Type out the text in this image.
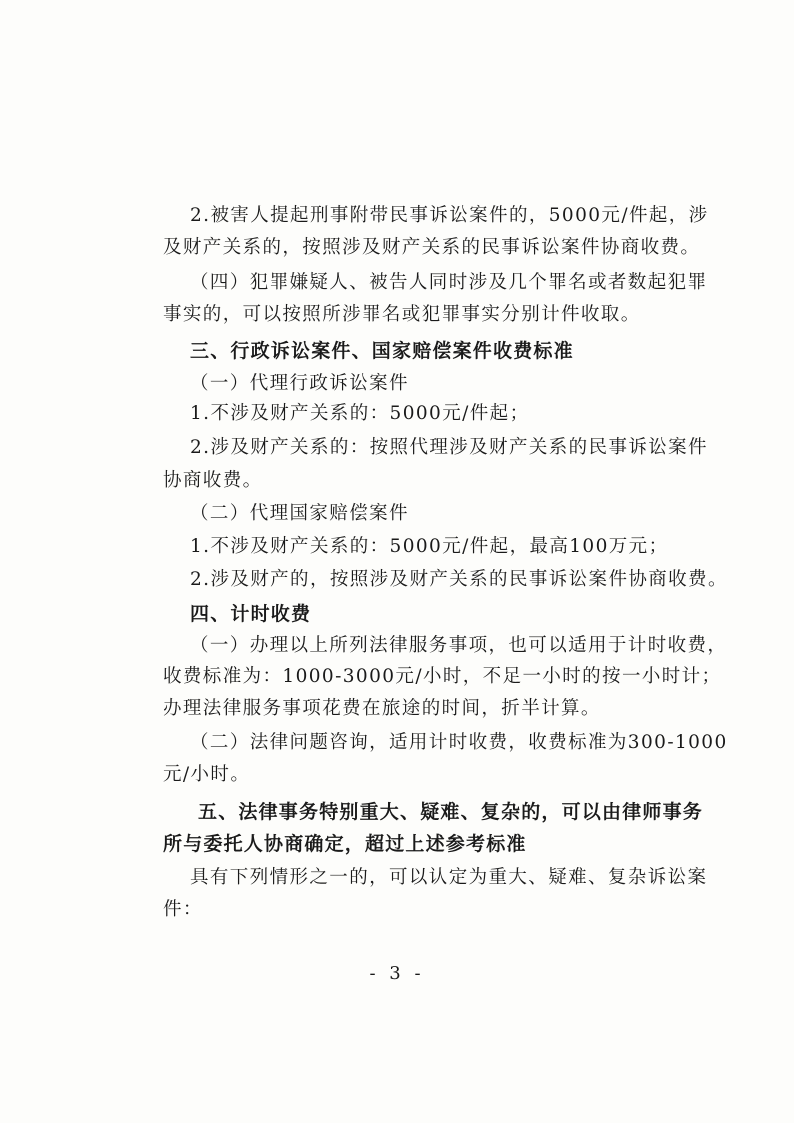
2.被害人提起刑事附带民事诉讼案件的，5000元/件起，涉
及财产关系的，按照涉及财产关系的民事诉讼案件协商收费。
（四）犯罪嫌疑人、被告人同时涉及几个罪名或者数起犯罪
事实的，可以按照所涉罪名或犯罪事实分别计件收取。
三、行政诉讼案件、国家赔偿案件收费标准
（一）代理行政诉讼案件
1.不涉及财产关系的：5000元/件起；
2.涉及财产关系的：按照代理涉及财产关系的民事诉讼案件
协商收费。
（二）代理国家赔偿案件
1.不涉及财产关系的：5000元/件起，最高100万元；
2.涉及财产的，按照涉及财产关系的民事诉讼案件协商收费。
四、计时收费
（一）办理以上所列法律服务事项，也可以适用于计时收费，
收费标准为：1000-3000元/小时，不足一小时的按一小时计；
办理法律服务事项花费在旅途的时间，折半计算。
（二）法律问题咨询，适用计时收费，收费标准为300-1000
元/小时。
五、法律事务特别重大、疑难、复杂的，可以由律师事务
所与委托人协商确定，超过上述参考标准
具有下列情形之一的，可以认定为重大、疑难、复杂诉讼案
件：
- 3 -
